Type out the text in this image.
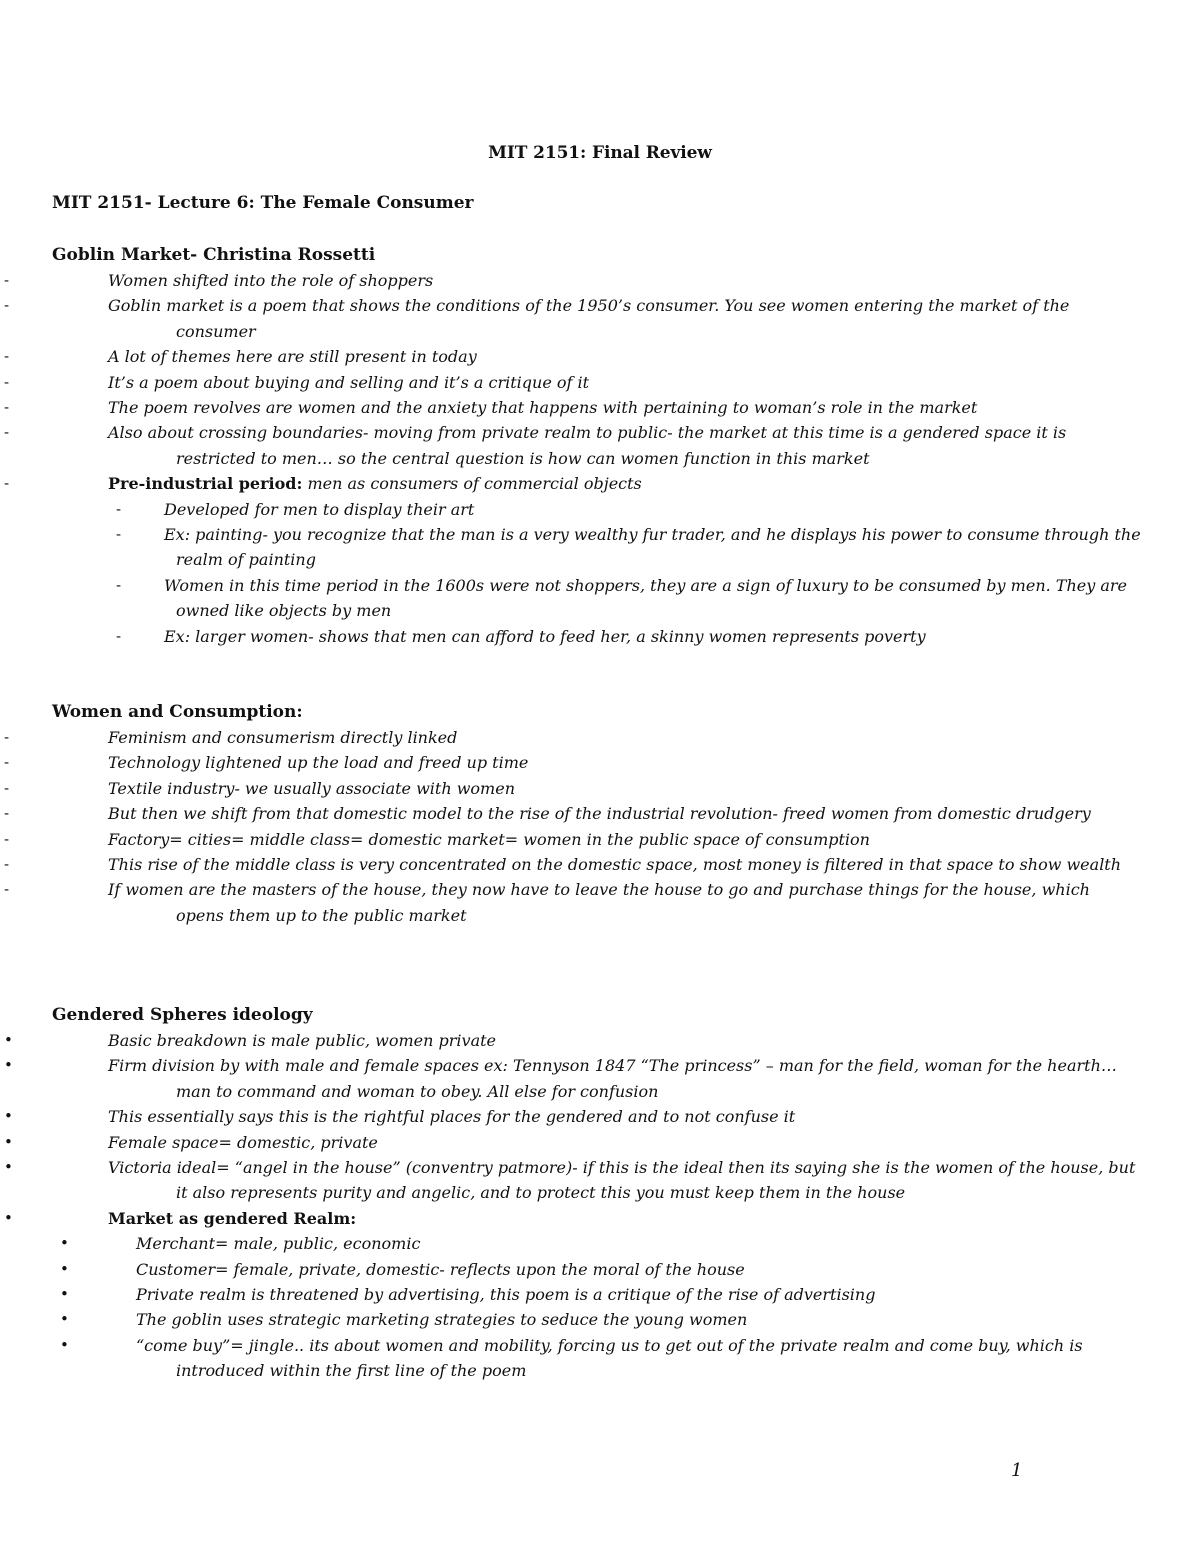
MIT 2151: Final Review
MIT 2151- Lecture 6: The Female Consumer
Goblin Market- Christina Rossetti
-	Women shifted into the role of shoppers
-	Goblin market is a poem that shows the conditions of the 1950’s consumer. You see women entering the market of the consumer
-	A lot of themes here are still present in today
-	It’s a poem about buying and selling and it’s a critique of it
-	The poem revolves are women and the anxiety that happens with pertaining to woman’s role in the market
-	Also about crossing boundaries- moving from private realm to public- the market at this time is a gendered space it is restricted to men… so the central question is how can women function in this market
-	Pre-industrial period: men as consumers of commercial objects
-	Developed for men to display their art
-	Ex: painting- you recognize that the man is a very wealthy fur trader, and he displays his power to consume through the realm of painting
-	Women in this time period in the 1600s were not shoppers, they are a sign of luxury to be consumed by men. They are owned like objects by men
-	Ex: larger women- shows that men can afford to feed her, a skinny women represents poverty
Women and Consumption:
-	Feminism and consumerism directly linked
-	Technology lightened up the load and freed up time
-	Textile industry- we usually associate with women
-	But then we shift from that domestic model to the rise of the industrial revolution- freed women from domestic drudgery
-	Factory= cities= middle class= domestic market= women in the public space of consumption
-	This rise of the middle class is very concentrated on the domestic space, most money is filtered in that space to show wealth
-	If women are the masters of the house, they now have to leave the house to go and purchase things for the house, which opens them up to the public market
Gendered Spheres ideology
•	Basic breakdown is male public, women private
•	Firm division by with male and female spaces ex: Tennyson 1847 “The princess” – man for the field, woman for the hearth… man to command and woman to obey. All else for confusion
•	This essentially says this is the rightful places for the gendered and to not confuse it
•	Female space= domestic, private
•	Victoria ideal= “angel in the house” (conventry patmore)- if this is the ideal then its saying she is the women of the house, but it also represents purity and angelic, and to protect this you must keep them in the house
•	Market as gendered Realm:
•	Merchant= male, public, economic
•	Customer= female, private, domestic- reflects upon the moral of the house
•	Private realm is threatened by advertising, this poem is a critique of the rise of advertising
•	The goblin uses strategic marketing strategies to seduce the young women
•	“come buy”= jingle.. its about women and mobility, forcing us to get out of the private realm and come buy, which is introduced within the first line of the poem
1
